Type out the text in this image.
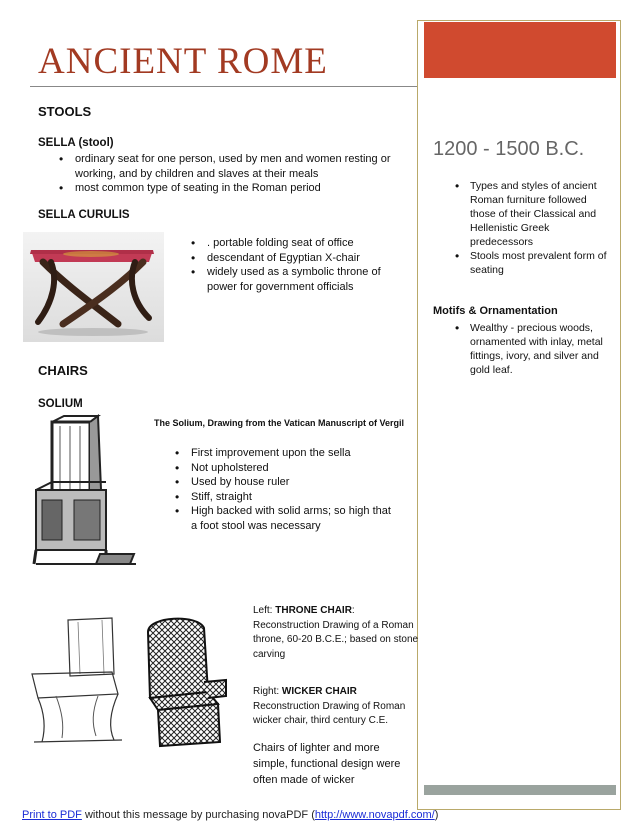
ANCIENT ROME
STOOLS
SELLA (stool)
• ordinary seat for one person, used by men and women resting or working, and by children and slaves at their meals
• most common type of seating in the Roman period
SELLA CURULIS
• . portable folding seat of office
• descendant of Egyptian X-chair
• widely used as a symbolic throne of power for government officials
CHAIRS
SOLIUM
The Solium, Drawing from the Vatican Manuscript of Vergil
• First improvement upon the sella
• Not upholstered
• Used by house ruler
• Stiff, straight
• High backed with solid arms; so high that a foot stool was necessary
Left: THRONE CHAIR:
Reconstruction Drawing of a Roman throne, 60-20 B.C.E.; based on stone carving
Right: WICKER CHAIR
Reconstruction Drawing of Roman wicker chair, third century C.E.
Chairs of lighter and more simple, functional design were often made of wicker
1200 - 1500 B.C.
• Types and styles of ancient Roman furniture followed those of their Classical and Hellenistic Greek predecessors
• Stools most prevalent form of seating
Motifs & Ornamentation
• Wealthy - precious woods, ornamented with inlay, metal fittings, ivory, and silver and gold leaf.
Print to PDF without this message by purchasing novaPDF (http://www.novapdf.com/)
